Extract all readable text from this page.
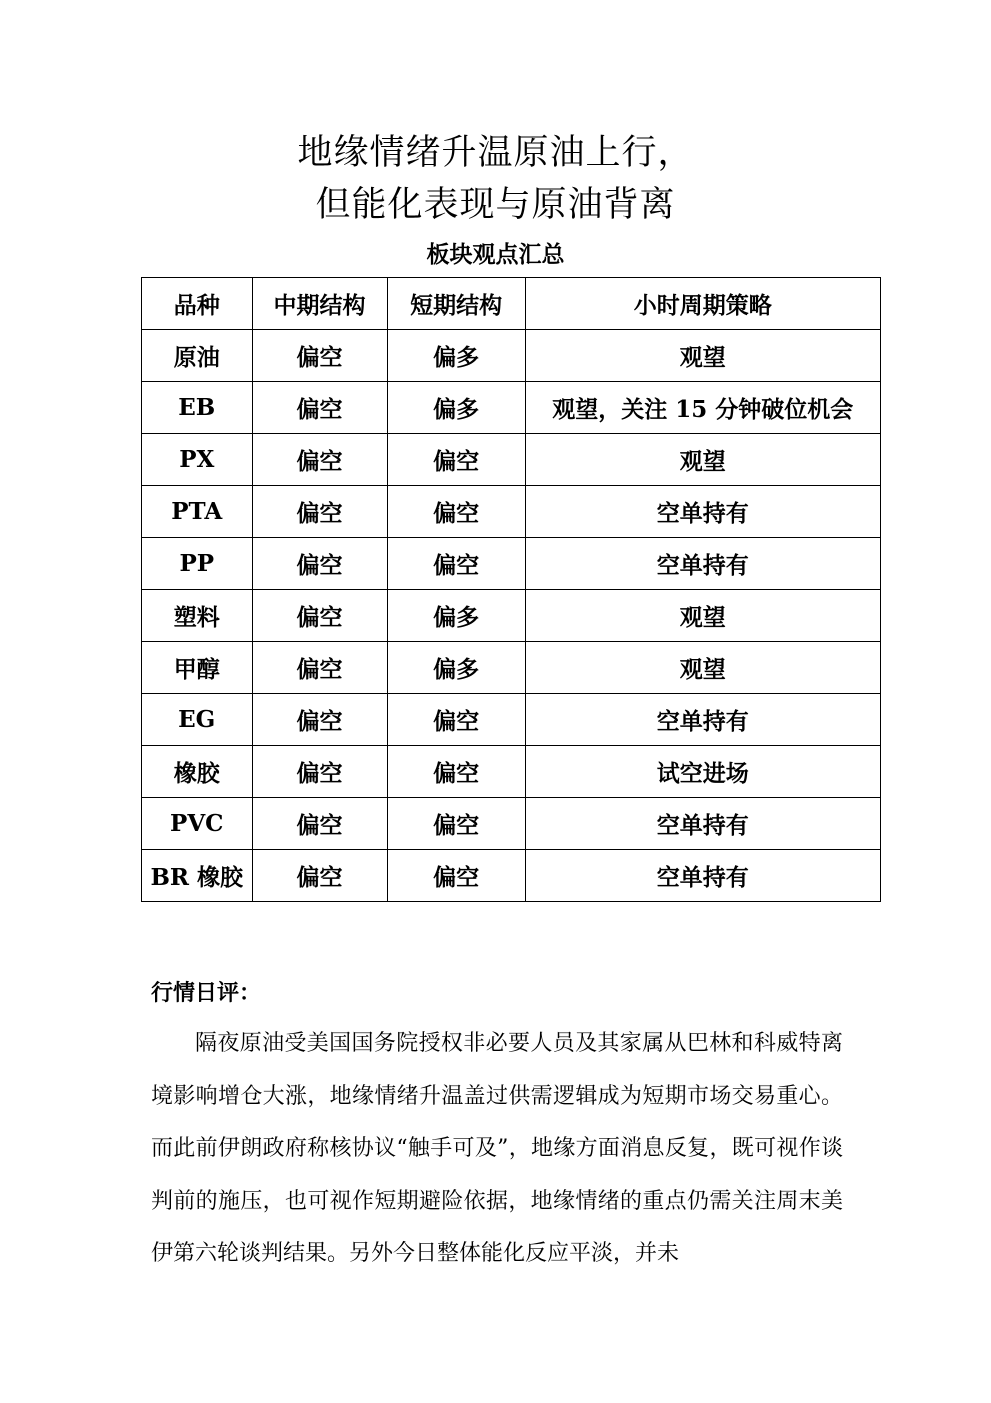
地缘情绪升温原油上行，
但能化表现与原油背离
板块观点汇总
品种	中期结构	短期结构	小时周期策略
原油	偏空	偏多	观望
EB	偏空	偏多	观望，关注 15 分钟破位机会
PX	偏空	偏空	观望
PTA	偏空	偏空	空单持有
PP	偏空	偏空	空单持有
塑料	偏空	偏多	观望
甲醇	偏空	偏多	观望
EG	偏空	偏空	空单持有
橡胶	偏空	偏空	试空进场
PVC	偏空	偏空	空单持有
BR 橡胶	偏空	偏空	空单持有
行情日评：
隔夜原油受美国国务院授权非必要人员及其家属从巴林和科威特离境影响增仓大涨，地缘情绪升温盖过供需逻辑成为短期市场交易重心。而此前伊朗政府称核协议“触手可及”，地缘方面消息反复，既可视作谈判前的施压，也可视作短期避险依据，地缘情绪的重点仍需关注周末美伊第六轮谈判结果。另外今日整体能化反应平淡，并未
